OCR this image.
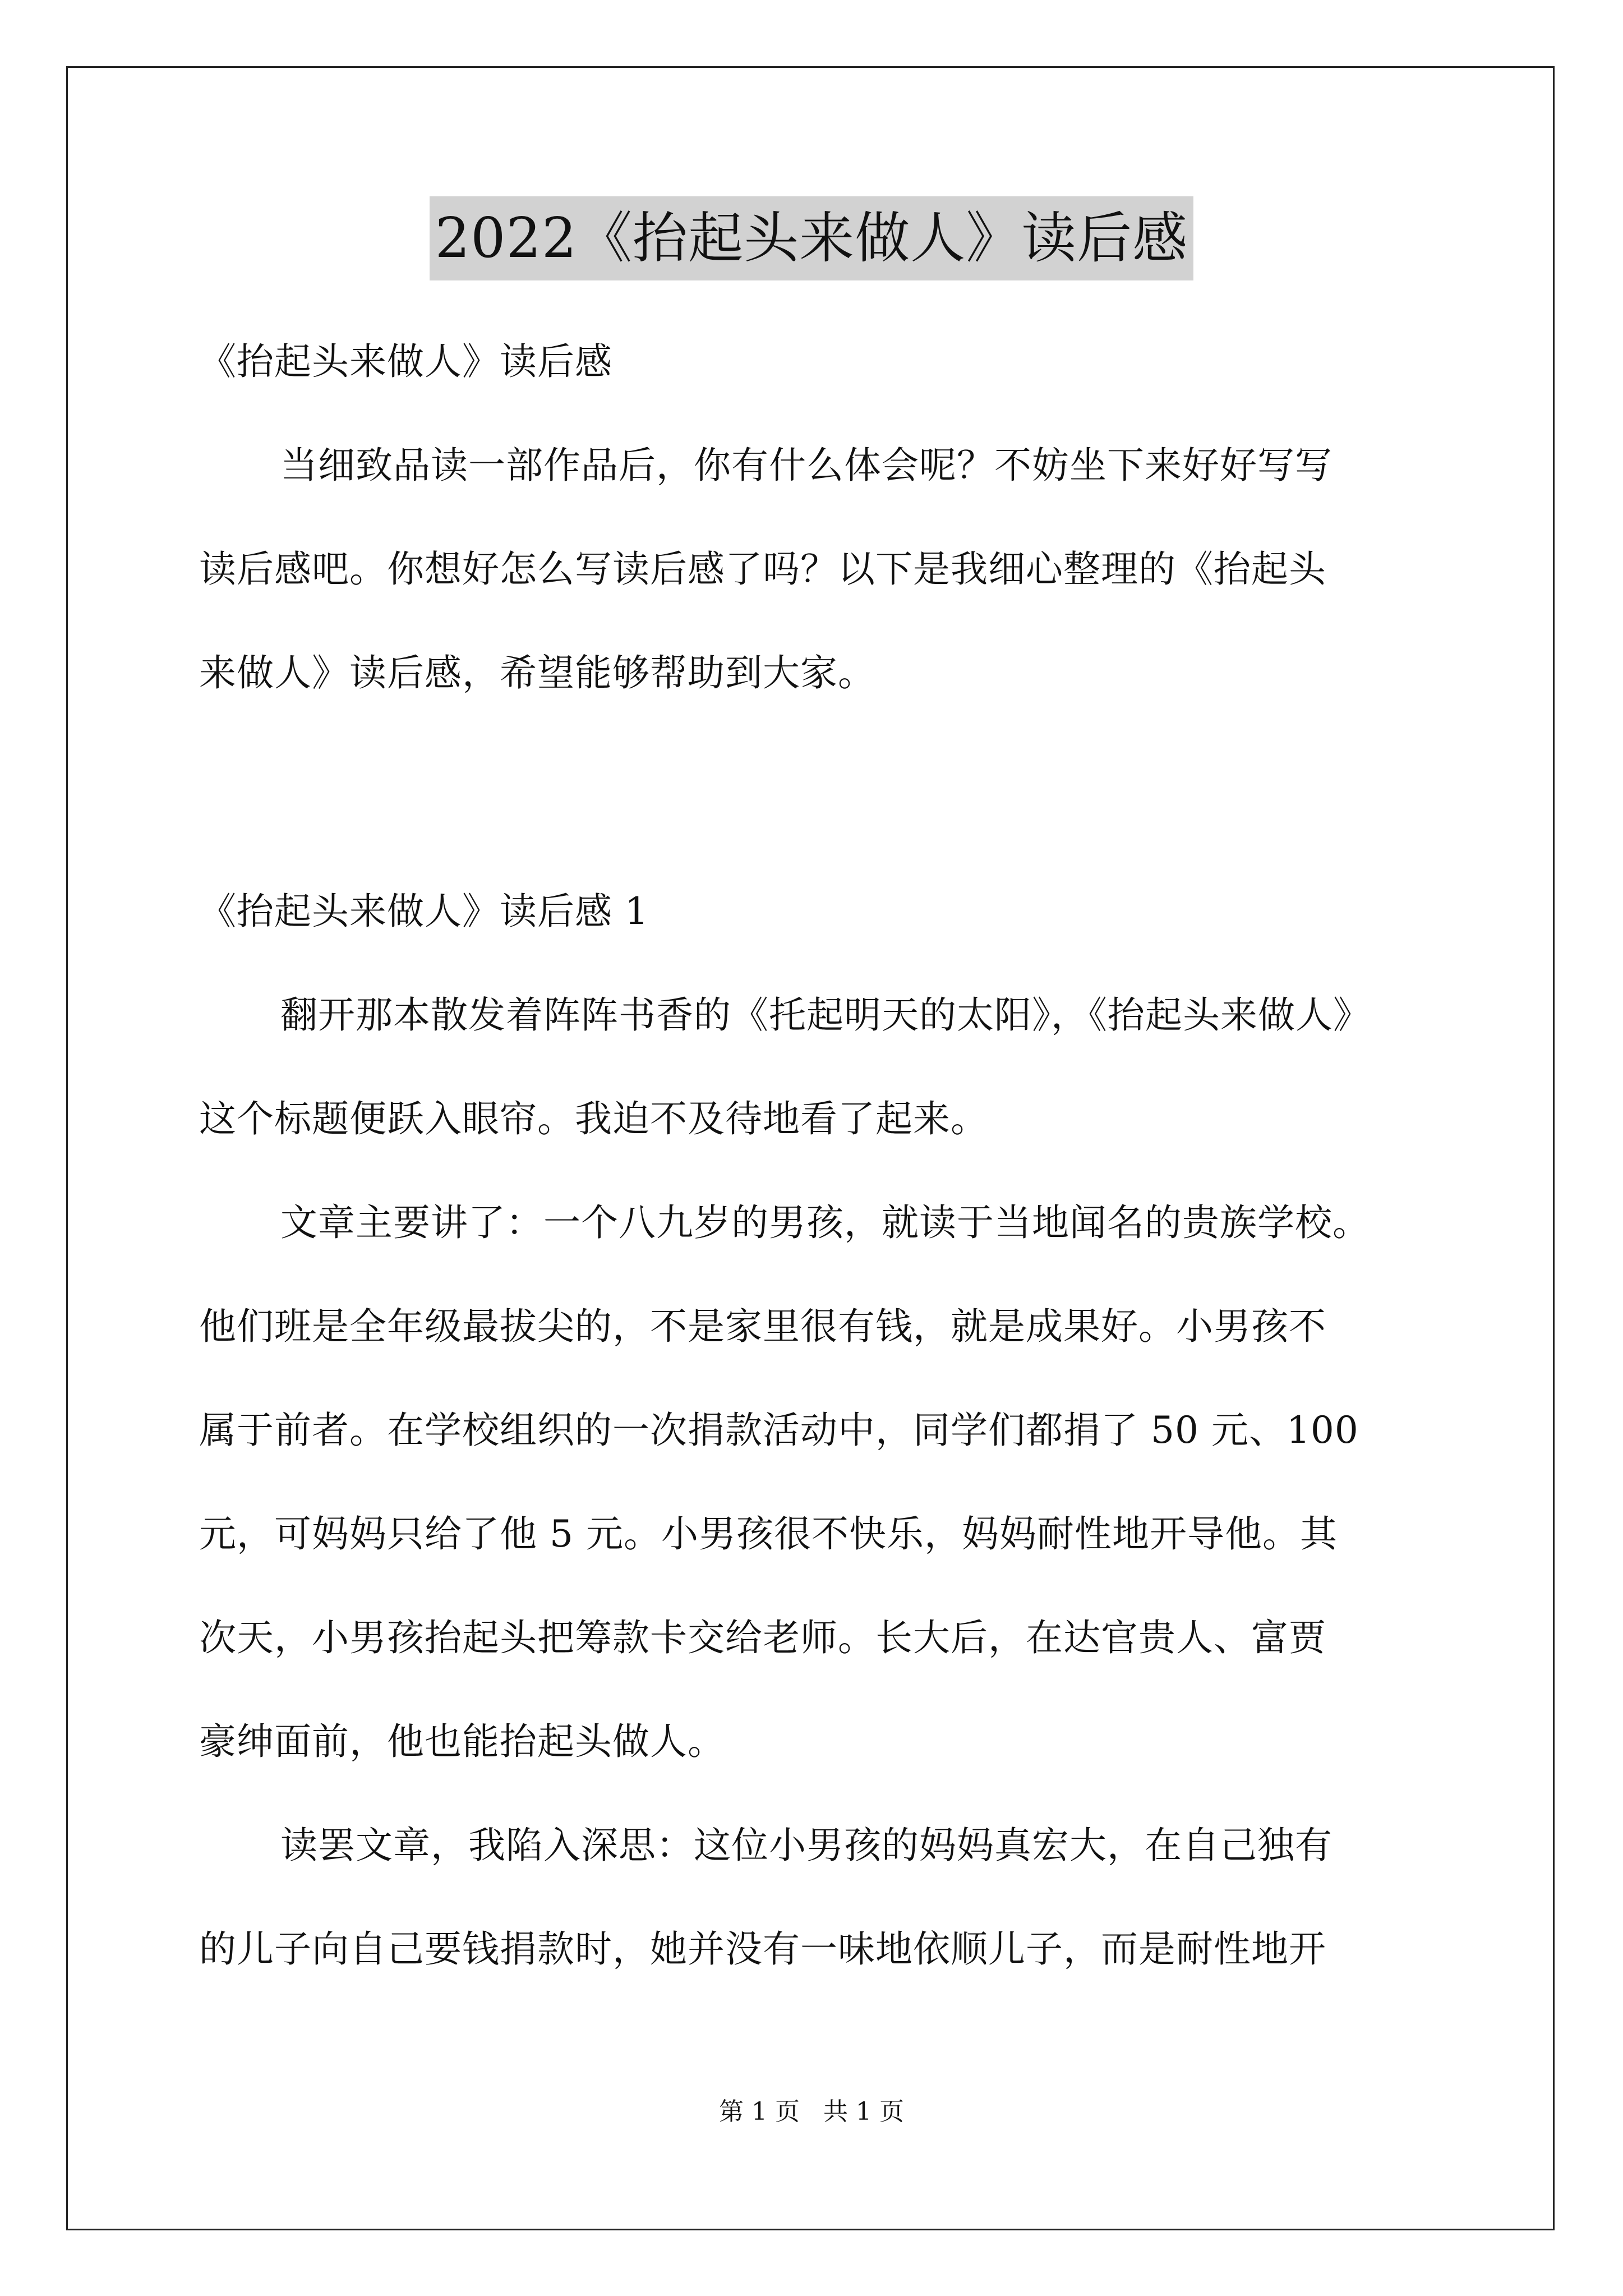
2022《抬起头来做人》读后感

《抬起头来做人》读后感

当细致品读一部作品后，你有什么体会呢？不妨坐下来好好写写

读后感吧。你想好怎么写读后感了吗？以下是我细心整理的《抬起头

来做人》读后感，希望能够帮助到大家。

《抬起头来做人》读后感 1

翻开那本散发着阵阵书香的《托起明天的太阳》，《抬起头来做人》

这个标题便跃入眼帘。我迫不及待地看了起来。

文章主要讲了：一个八九岁的男孩，就读于当地闻名的贵族学校。

他们班是全年级最拔尖的，不是家里很有钱，就是成果好。小男孩不

属于前者。在学校组织的一次捐款活动中，同学们都捐了 50 元、100

元，可妈妈只给了他 5 元。小男孩很不快乐，妈妈耐性地开导他。其

次天，小男孩抬起头把筹款卡交给老师。长大后，在达官贵人、富贾

豪绅面前，他也能抬起头做人。

读罢文章，我陷入深思：这位小男孩的妈妈真宏大，在自己独有

的儿子向自己要钱捐款时，她并没有一味地依顺儿子，而是耐性地开

第 1 页   共 1 页
